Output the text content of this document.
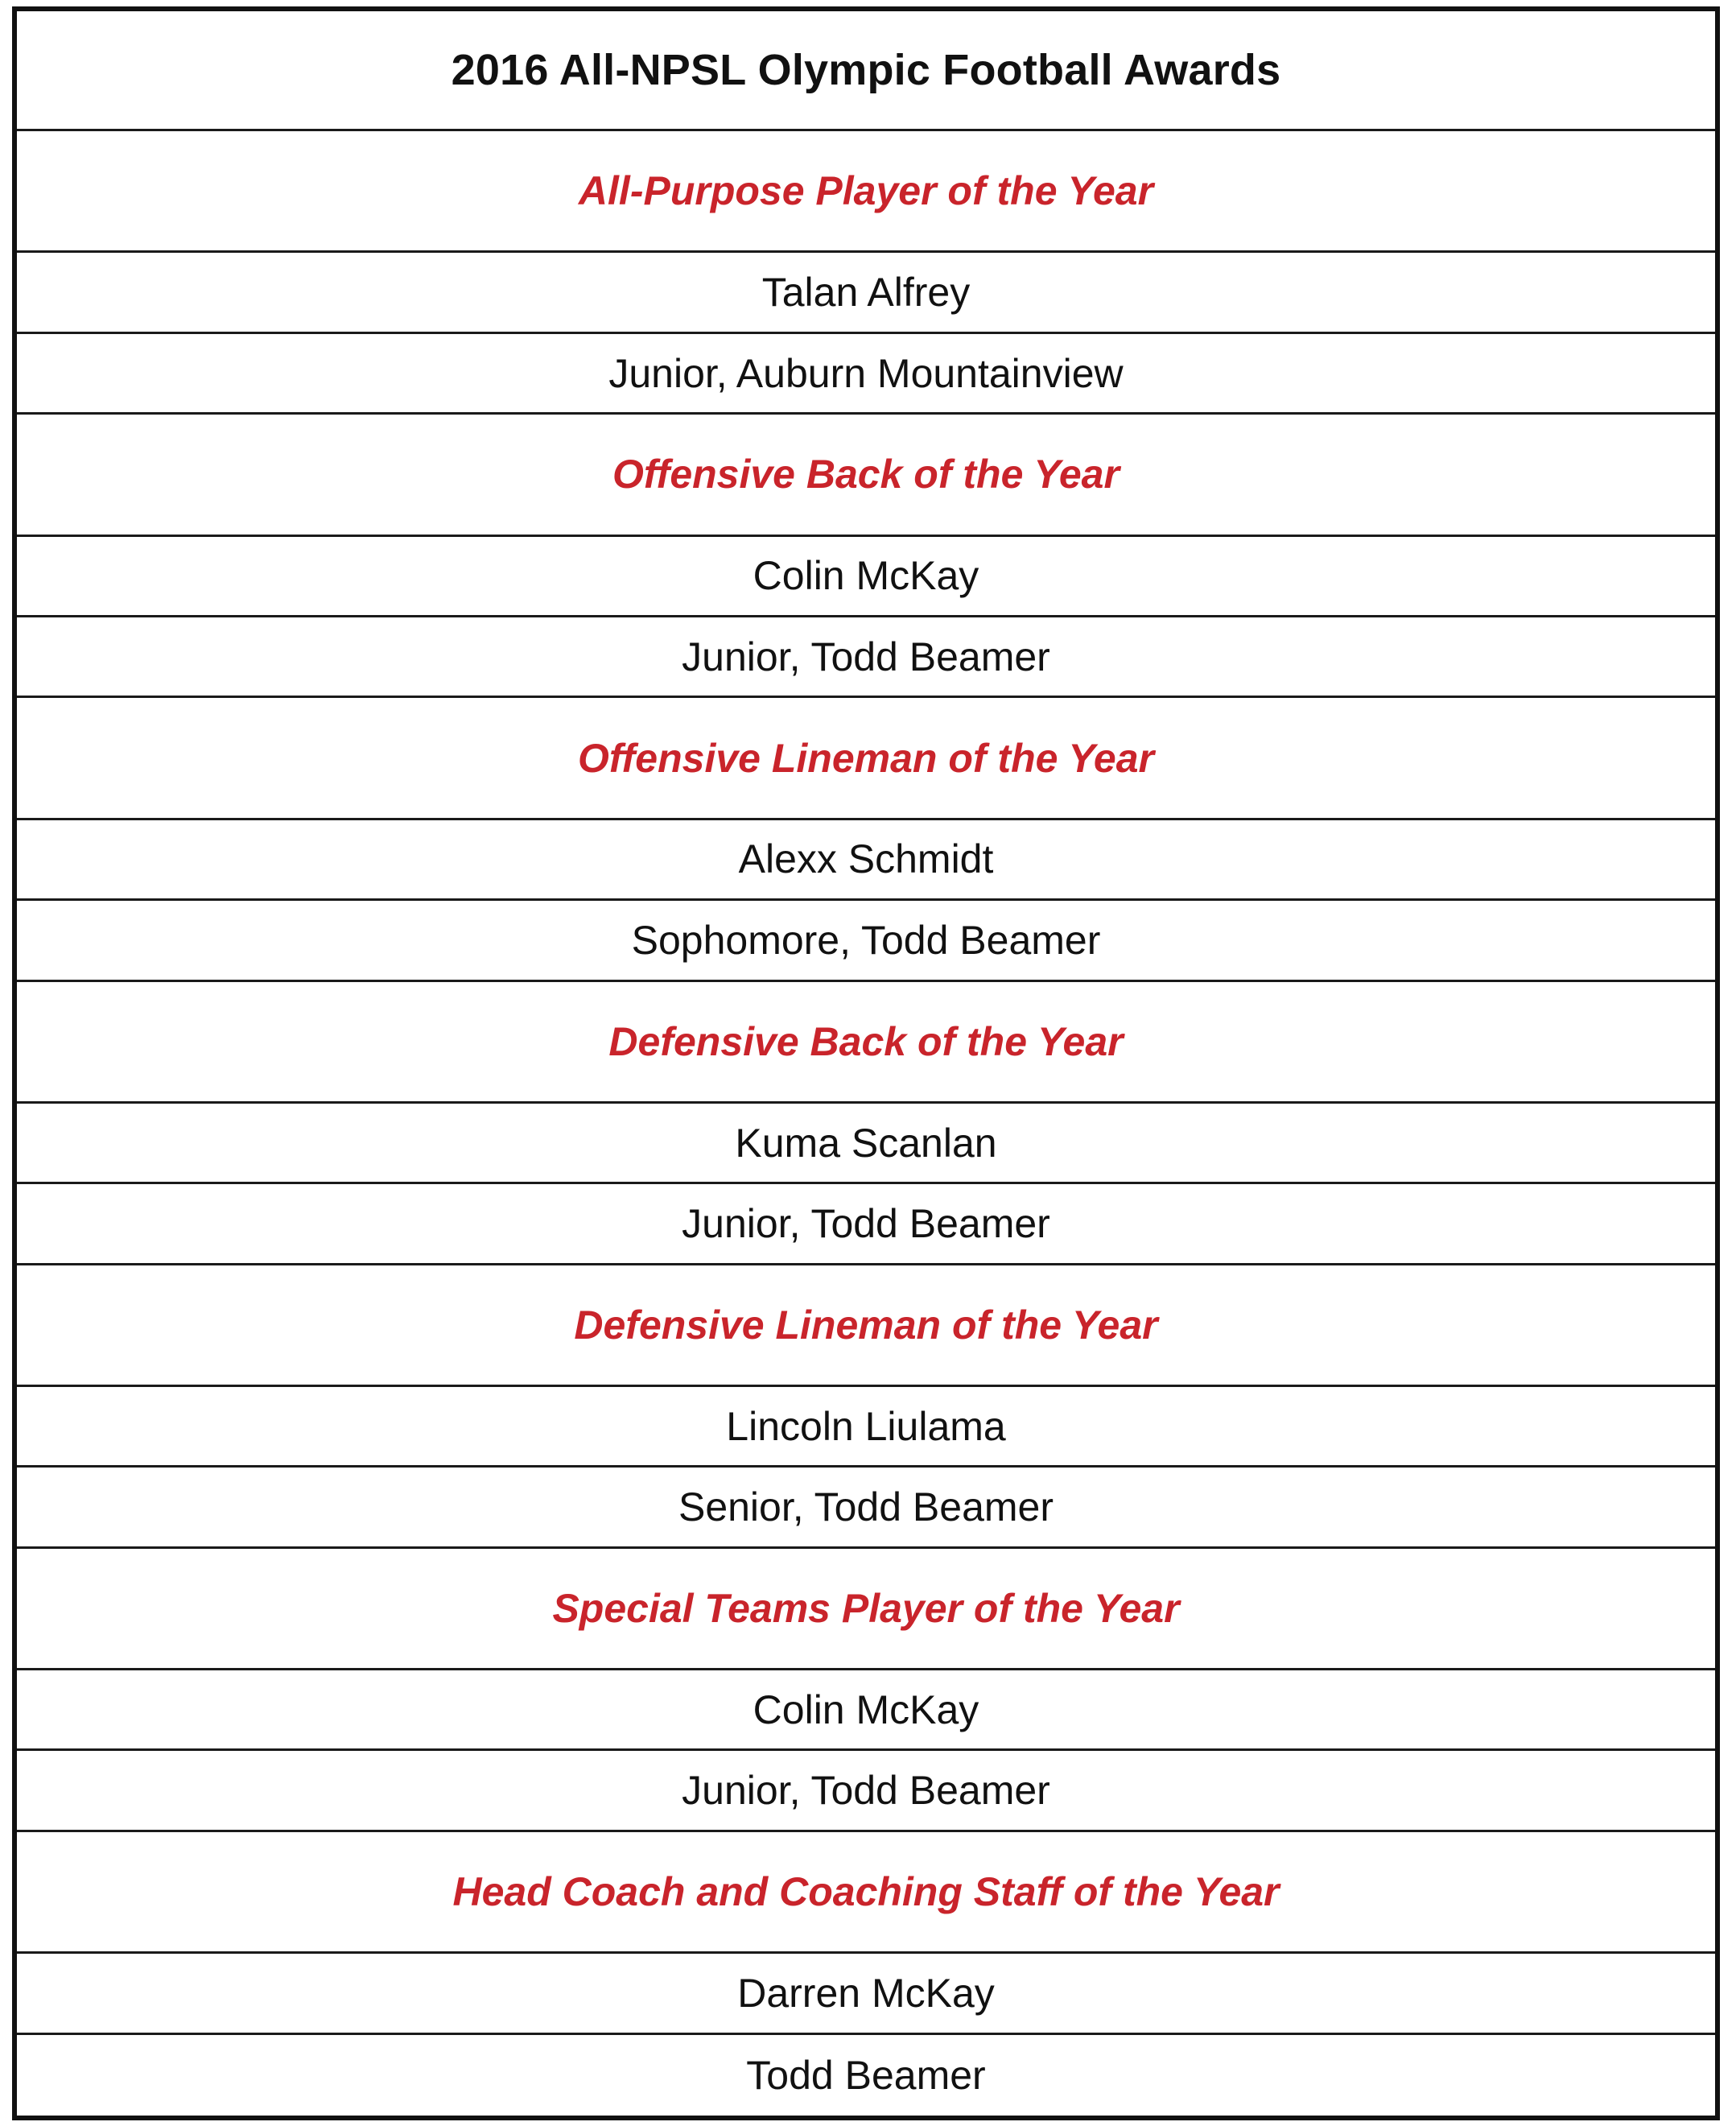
2016 All-NPSL Olympic Football Awards
All-Purpose Player of the Year
Talan Alfrey
Junior, Auburn Mountainview
Offensive Back of the Year
Colin McKay
Junior, Todd Beamer
Offensive Lineman of the Year
Alexx Schmidt
Sophomore, Todd Beamer
Defensive Back of the Year
Kuma Scanlan
Junior, Todd Beamer
Defensive Lineman of the Year
Lincoln Liulama
Senior, Todd Beamer
Special Teams Player of the Year
Colin McKay
Junior, Todd Beamer
Head Coach and Coaching Staff of the Year
Darren McKay
Todd Beamer
